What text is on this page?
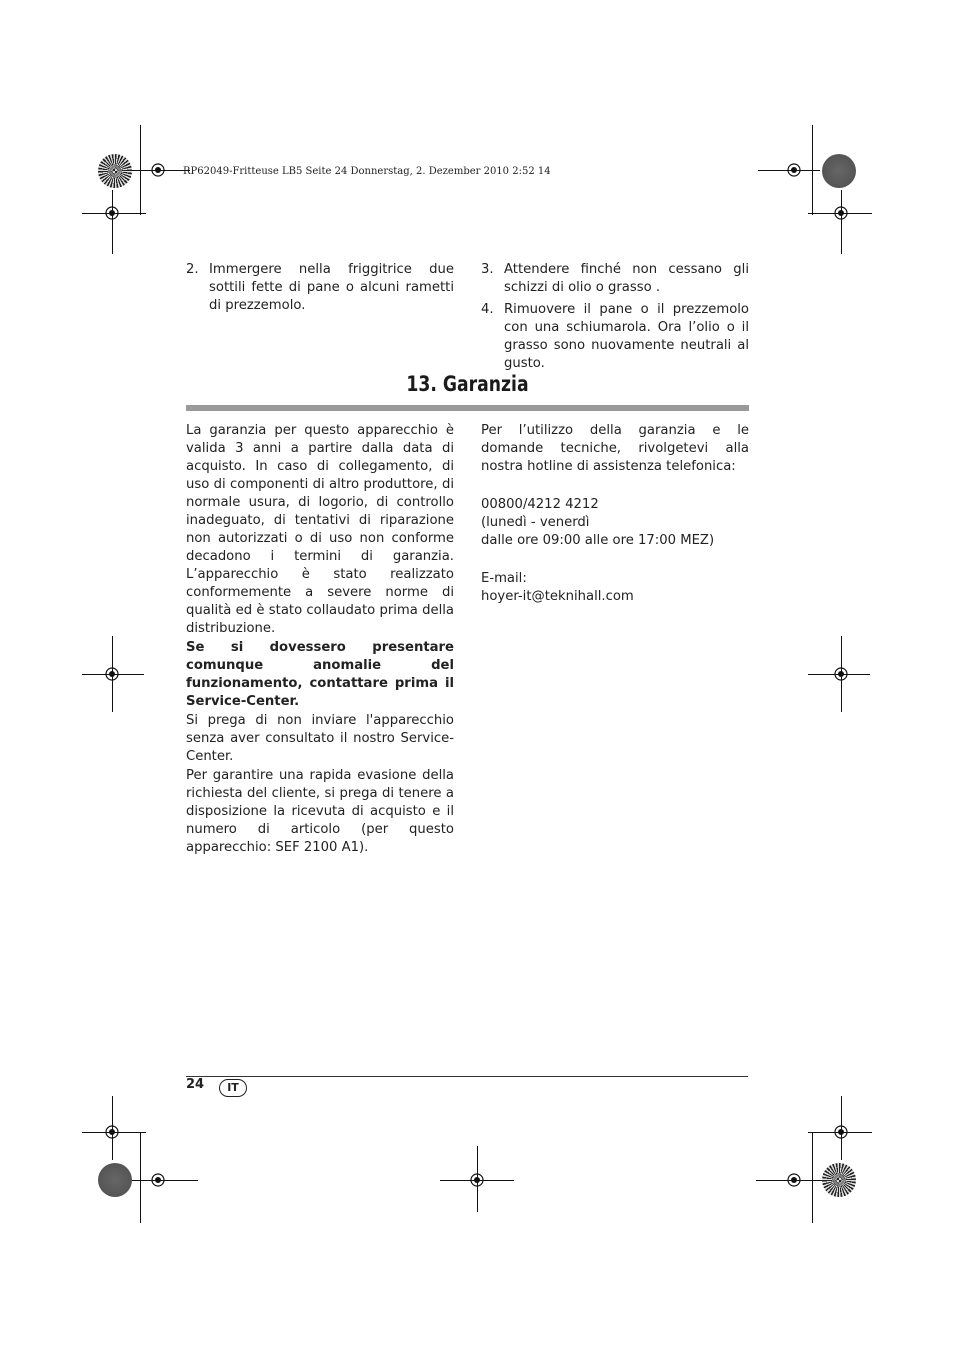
RP62049-Fritteuse LB5 Seite 24 Donnerstag, 2. Dezember 2010 2:52 14
2. Immergere nella friggitrice due sottili fette di pane o alcuni rametti di prezzemolo.
3. Attendere finché non cessano gli schizzi di olio o grasso .
4. Rimuovere il pane o il prezzemolo con una schiumarola. Ora l’olio o il grasso sono nuovamente neutrali al gusto.
13. Garanzia

La garanzia per questo apparecchio è valida 3 anni a partire dalla data di acquisto. In caso di collegamento, di uso di componenti di altro produttore, di normale usura, di logorio, di controllo inadeguato, di tentativi di riparazione non autorizzati o di uso non conforme decadono i termini di garanzia. L’apparecchio è stato realizzato conformemente a severe norme di qualità ed è stato collaudato prima della distribuzione.

Se si dovessero presentare comunque anomalie del funzionamento, contattare prima il Service-Center.

Si prega di non inviare l'apparecchio senza aver consultato il nostro Service-Center.

Per garantire una rapida evasione della richiesta del cliente, si prega di tenere a disposizione la ricevuta di acquisto e il numero di articolo (per questo apparecchio: SEF 2100 A1).

Per l’utilizzo della garanzia e le domande tecniche, rivolgetevi alla nostra hotline di assistenza telefonica:

00800/4212 4212

(lunedì - venerdì

dalle ore 09:00 alle ore 17:00 MEZ)

E-mail:

hoyer-it@teknihall.com

24	IT
